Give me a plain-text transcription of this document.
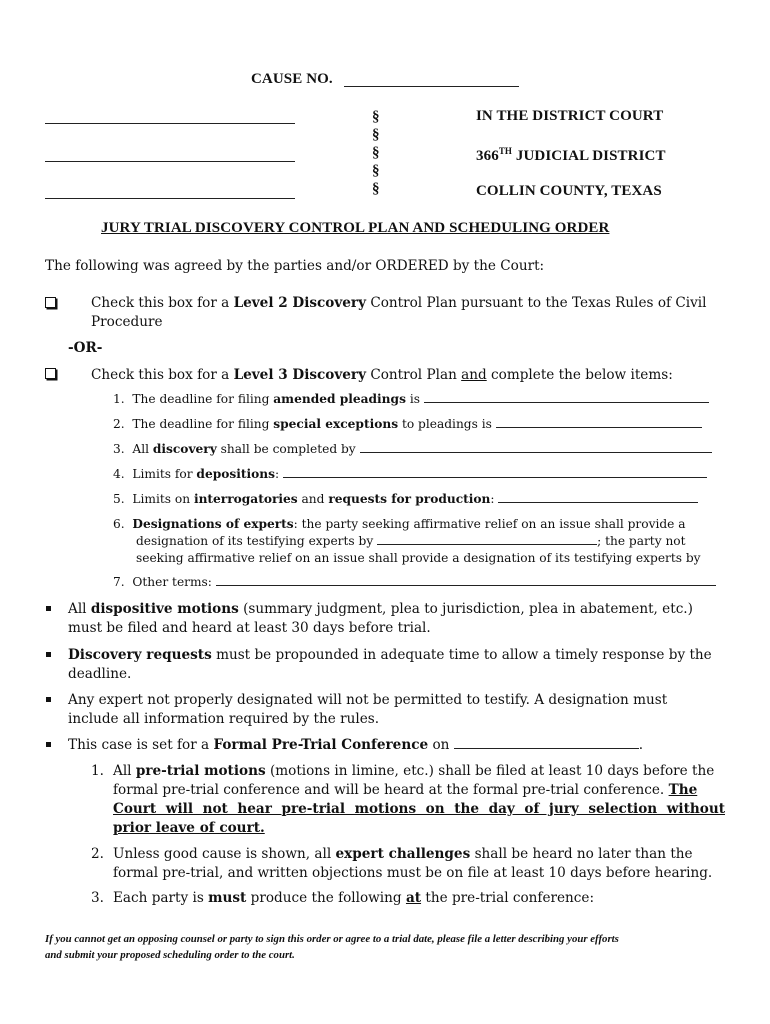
CAUSE NO.
§
§
§
§
§
IN THE DISTRICT COURT
366TH JUDICIAL DISTRICT
COLLIN COUNTY, TEXAS
JURY TRIAL DISCOVERY CONTROL PLAN AND SCHEDULING ORDER
The following was agreed by the parties and/or ORDERED by the Court:
Check this box for a Level 2 Discovery Control Plan pursuant to the Texas Rules of Civil
Procedure
-OR-
Check this box for a Level 3 Discovery Control Plan and complete the below items:
1. The deadline for filing amended pleadings is
2. The deadline for filing special exceptions to pleadings is
3. All discovery shall be completed by
4. Limits for depositions:
5. Limits on interrogatories and requests for production:
6. Designations of experts: the party seeking affirmative relief on an issue shall provide a
designation of its testifying experts by	; the party not
seeking affirmative relief on an issue shall provide a designation of its testifying experts by
7. Other terms:
All dispositive motions (summary judgment, plea to jurisdiction, plea in abatement, etc.)
must be filed and heard at least 30 days before trial.
Discovery requests must be propounded in adequate time to allow a timely response by the
deadline.
Any expert not properly designated will not be permitted to testify. A designation must
include all information required by the rules.
This case is set for a Formal Pre-Trial Conference on	.
1. All pre-trial motions (motions in limine, etc.) shall be filed at least 10 days before the
formal pre-trial conference and will be heard at the formal pre-trial conference. The
Court will not hear pre-trial motions on the day of jury selection without
prior leave of court.
2. Unless good cause is shown, all expert challenges shall be heard no later than the
formal pre-trial, and written objections must be on file at least 10 days before hearing.
3. Each party is must produce the following at the pre-trial conference:
If you cannot get an opposing counsel or party to sign this order or agree to a trial date, please file a letter describing your efforts
and submit your proposed scheduling order to the court.
